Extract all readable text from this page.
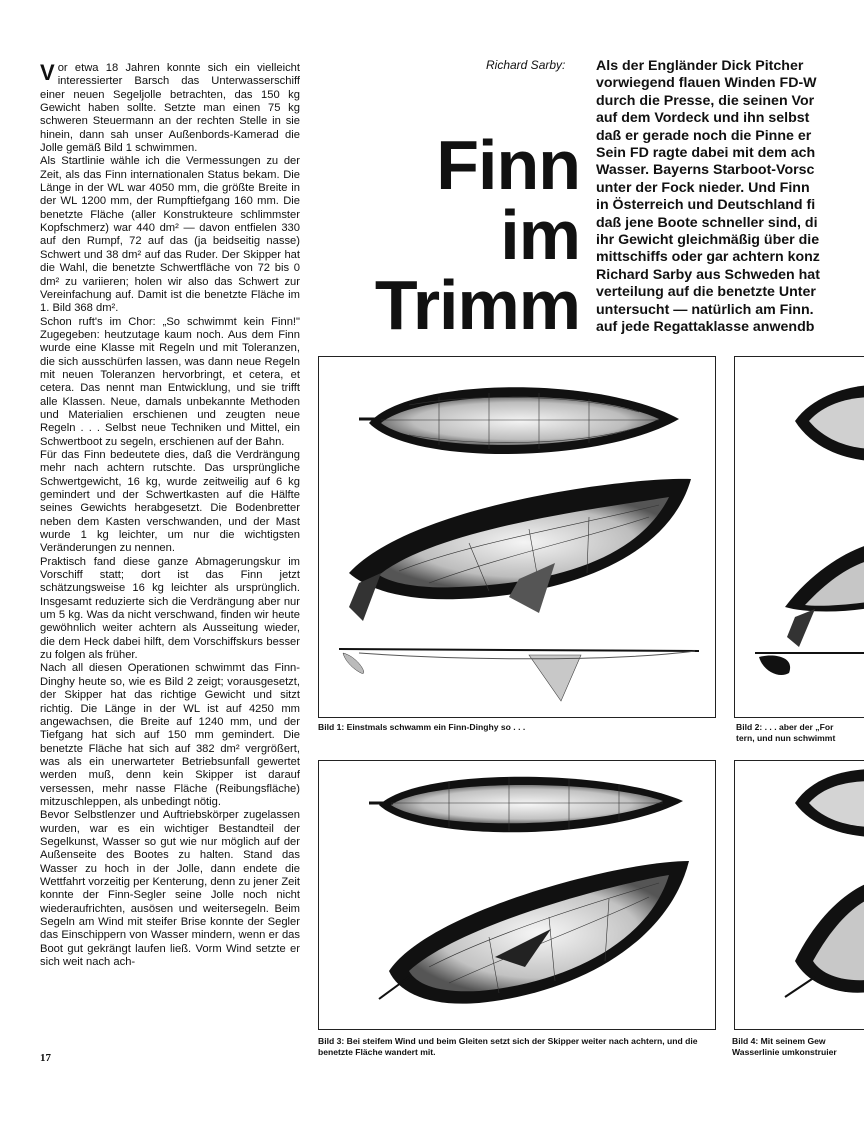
Vor etwa 18 Jahren konnte sich ein vielleicht interessierter Barsch das Unterwasserschiff einer neuen Segeljolle betrachten, das 150 kg Gewicht haben sollte. Setzte man einen 75 kg schweren Steuermann an der rechten Stelle in sie hinein, dann sah unser Außenbords-Kamerad die Jolle gemäß Bild 1 schwimmen.

Als Startlinie wähle ich die Vermessungen zu der Zeit, als das Finn internationalen Status bekam. Die Länge in der WL war 4050 mm, die größte Breite in der WL 1200 mm, der Rumpftiefgang 160 mm. Die benetzte Fläche (aller Konstrukteure schlimmster Kopfschmerz) war 440 dm² — davon entfielen 330 auf den Rumpf, 72 auf das (ja beidseitig nasse) Schwert und 38 dm² auf das Ruder. Der Skipper hat die Wahl, die benetzte Schwertfläche von 72 bis 0 dm² zu variieren; holen wir also das Schwert zur Vereinfachung auf. Damit ist die benetzte Fläche im 1. Bild 368 dm².

Schon ruft's im Chor: „So schwimmt kein Finn!" Zugegeben: heutzutage kaum noch. Aus dem Finn wurde eine Klasse mit Regeln und mit Toleranzen, die sich ausschürfen lassen, was dann neue Regeln mit neuen Toleranzen hervorbringt, et cetera, et cetera. Das nennt man Entwicklung, und sie trifft alle Klassen. Neue, damals unbekannte Methoden und Materialien erschienen und zeugten neue Regeln . . . Selbst neue Techniken und Mittel, ein Schwertboot zu segeln, erschienen auf der Bahn.

Für das Finn bedeutete dies, daß die Verdrängung mehr nach achtern rutschte. Das ursprüngliche Schwertgewicht, 16 kg, wurde zeitweilig auf 6 kg gemindert und der Schwertkasten auf die Hälfte seines Gewichts herabgesetzt. Die Bodenbretter neben dem Kasten verschwanden, und der Mast wurde 1 kg leichter, um nur die wichtigsten Veränderungen zu nennen.

Praktisch fand diese ganze Abmagerungskur im Vorschiff statt; dort ist das Finn jetzt schätzungsweise 16 kg leichter als ursprünglich. Insgesamt reduzierte sich die Verdrängung aber nur um 5 kg. Was da nicht verschwand, finden wir heute gewöhnlich weiter achtern als Ausseitung wieder, die dem Heck dabei hilft, dem Vorschiffskurs besser zu folgen als früher.

Nach all diesen Operationen schwimmt das Finn-Dinghy heute so, wie es Bild 2 zeigt; vorausgesetzt, der Skipper hat das richtige Gewicht und sitzt richtig. Die Länge in der WL ist auf 4250 mm angewachsen, die Breite auf 1240 mm, und der Tiefgang hat sich auf 150 mm gemindert. Die benetzte Fläche hat sich auf 382 dm² vergrößert, was als ein unerwarteter Betriebsunfall gewertet werden muß, denn kein Skipper ist darauf versessen, mehr nasse Fläche (Reibungsfläche) mitzuschleppen, als unbedingt nötig.

Bevor Selbstlenzer und Auftriebskörper zugelassen wurden, war es ein wichtiger Bestandteil der Segelkunst, Wasser so gut wie nur möglich auf der Außenseite des Bootes zu halten. Stand das Wasser zu hoch in der Jolle, dann endete die Wettfahrt vorzeitig per Kenterung, denn zu jener Zeit konnte der Finn-Segler seine Jolle noch nicht wiederaufrichten, ausösen und weitersegeln. Beim Segeln am Wind mit steifer Brise konnte der Segler das Einschippern von Wasser mindern, wenn er das Boot gut gekrängt laufen ließ. Vorm Wind setzte er sich weit nach ach-

Richard Sarby:
Finn
im
Trimm
Als der Engländer Dick Pitcher
vorwiegend flauen Winden FD-W
durch die Presse, die seinen Vor
auf dem Vordeck und ihn selbst
daß er gerade noch die Pinne er
Sein FD ragte dabei mit dem ach
Wasser. Bayerns Starboot-Vorsc
unter der Fock nieder. Und Finn
in Österreich und Deutschland fi
daß jene Boote schneller sind, di
ihr Gewicht gleichmäßig über die
mittschiffs oder gar achtern konz
Richard Sarby aus Schweden hat
verteilung auf die benetzte Unter
untersucht — natürlich am Finn.
auf jede Regattaklasse anwendb
Bild 1: Einstmals schwamm ein Finn-Dinghy so . . .
Bild 3: Bei steifem Wind und beim Gleiten setzt sich der Skipper weiter nach achtern, und die benetzte Fläche wandert mit.
Bild 2: . . . aber der „For
tern, und nun schwimmt
Bild 4: Mit seinem Gew
Wasserlinie umkonstruier
17
